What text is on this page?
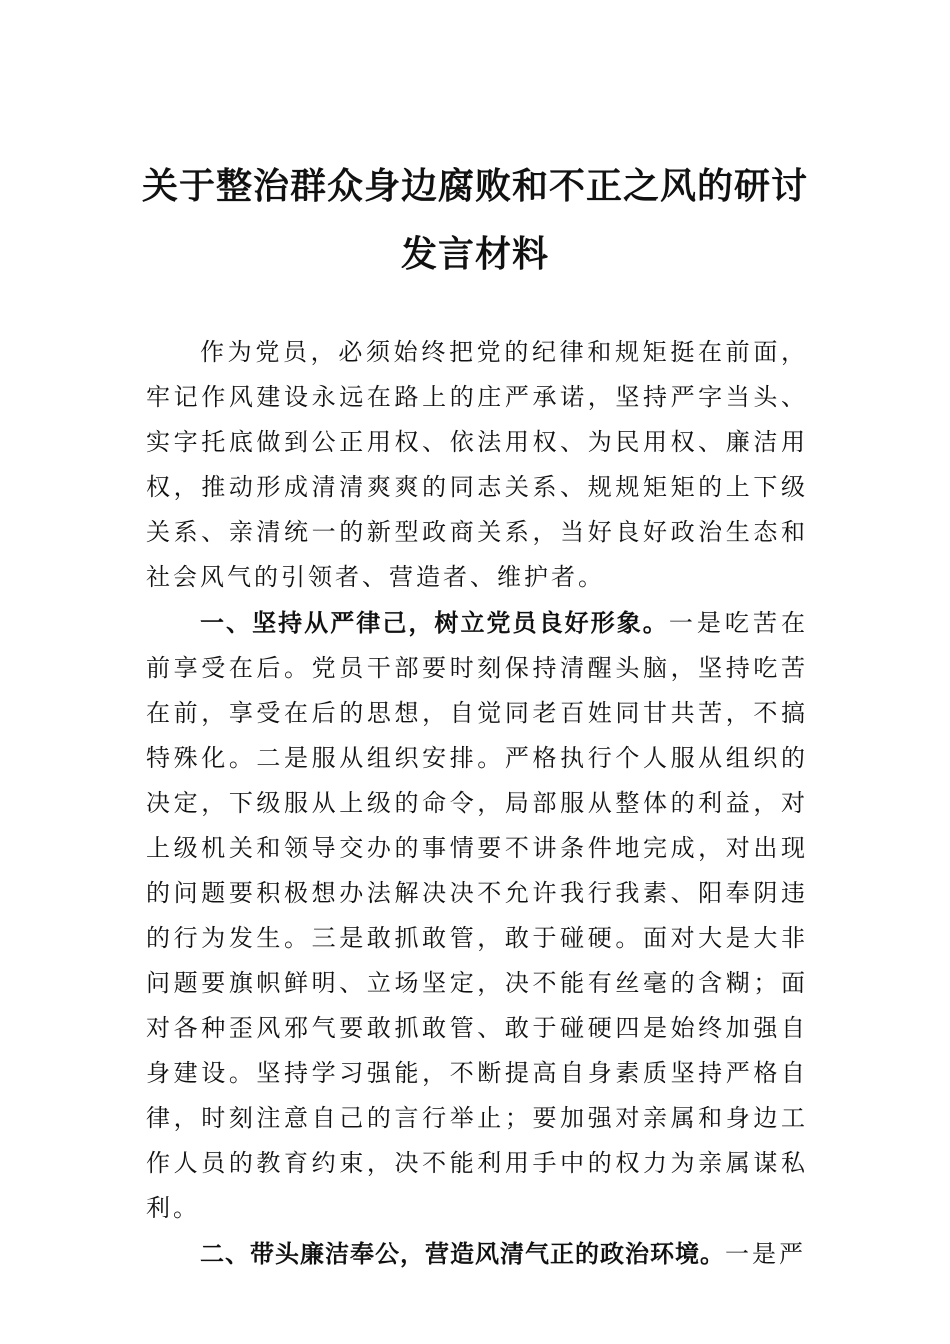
关于整治群众身边腐败和不正之风的研讨
发言材料

作为党员，必须始终把党的纪律和规矩挺在前面，牢记作风建设永远在路上的庄严承诺，坚持严字当头、实字托底做到公正用权、依法用权、为民用权、廉洁用权，推动形成清清爽爽的同志关系、规规矩矩的上下级关系、亲清统一的新型政商关系，当好良好政治生态和社会风气的引领者、营造者、维护者。

一、坚持从严律己，树立党员良好形象。一是吃苦在前享受在后。党员干部要时刻保持清醒头脑，坚持吃苦在前，享受在后的思想，自觉同老百姓同甘共苦，不搞特殊化。二是服从组织安排。严格执行个人服从组织的决定，下级服从上级的命令，局部服从整体的利益，对上级机关和领导交办的事情要不讲条件地完成，对出现的问题要积极想办法解决决不允许我行我素、阳奉阴违的行为发生。三是敢抓敢管，敢于碰硬。面对大是大非问题要旗帜鲜明、立场坚定，决不能有丝毫的含糊；面对各种歪风邪气要敢抓敢管、敢于碰硬四是始终加强自身建设。坚持学习强能，不断提高自身素质坚持严格自律，时刻注意自己的言行举止；要加强对亲属和身边工作人员的教育约束，决不能利用手中的权力为亲属谋私利。

二、带头廉洁奉公，营造风清气正的政治环境。一是严
